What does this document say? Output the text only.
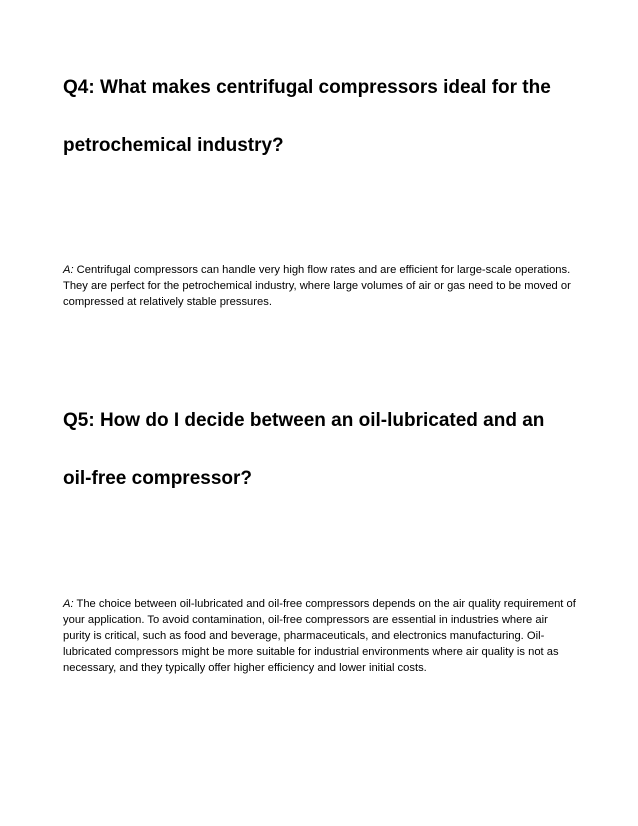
Q4: What makes centrifugal compressors ideal for the
petrochemical industry?

A: Centrifugal compressors can handle very high flow rates and are efficient for large-scale operations. They are perfect for the petrochemical industry, where large volumes of air or gas need to be moved or compressed at relatively stable pressures.

Q5: How do I decide between an oil-lubricated and an
oil-free compressor?

A: The choice between oil-lubricated and oil-free compressors depends on the air quality requirement of your application. To avoid contamination, oil-free compressors are essential in industries where air purity is critical, such as food and beverage, pharmaceuticals, and electronics manufacturing. Oil-lubricated compressors might be more suitable for industrial environments where air quality is not as necessary, and they typically offer higher efficiency and lower initial costs.
